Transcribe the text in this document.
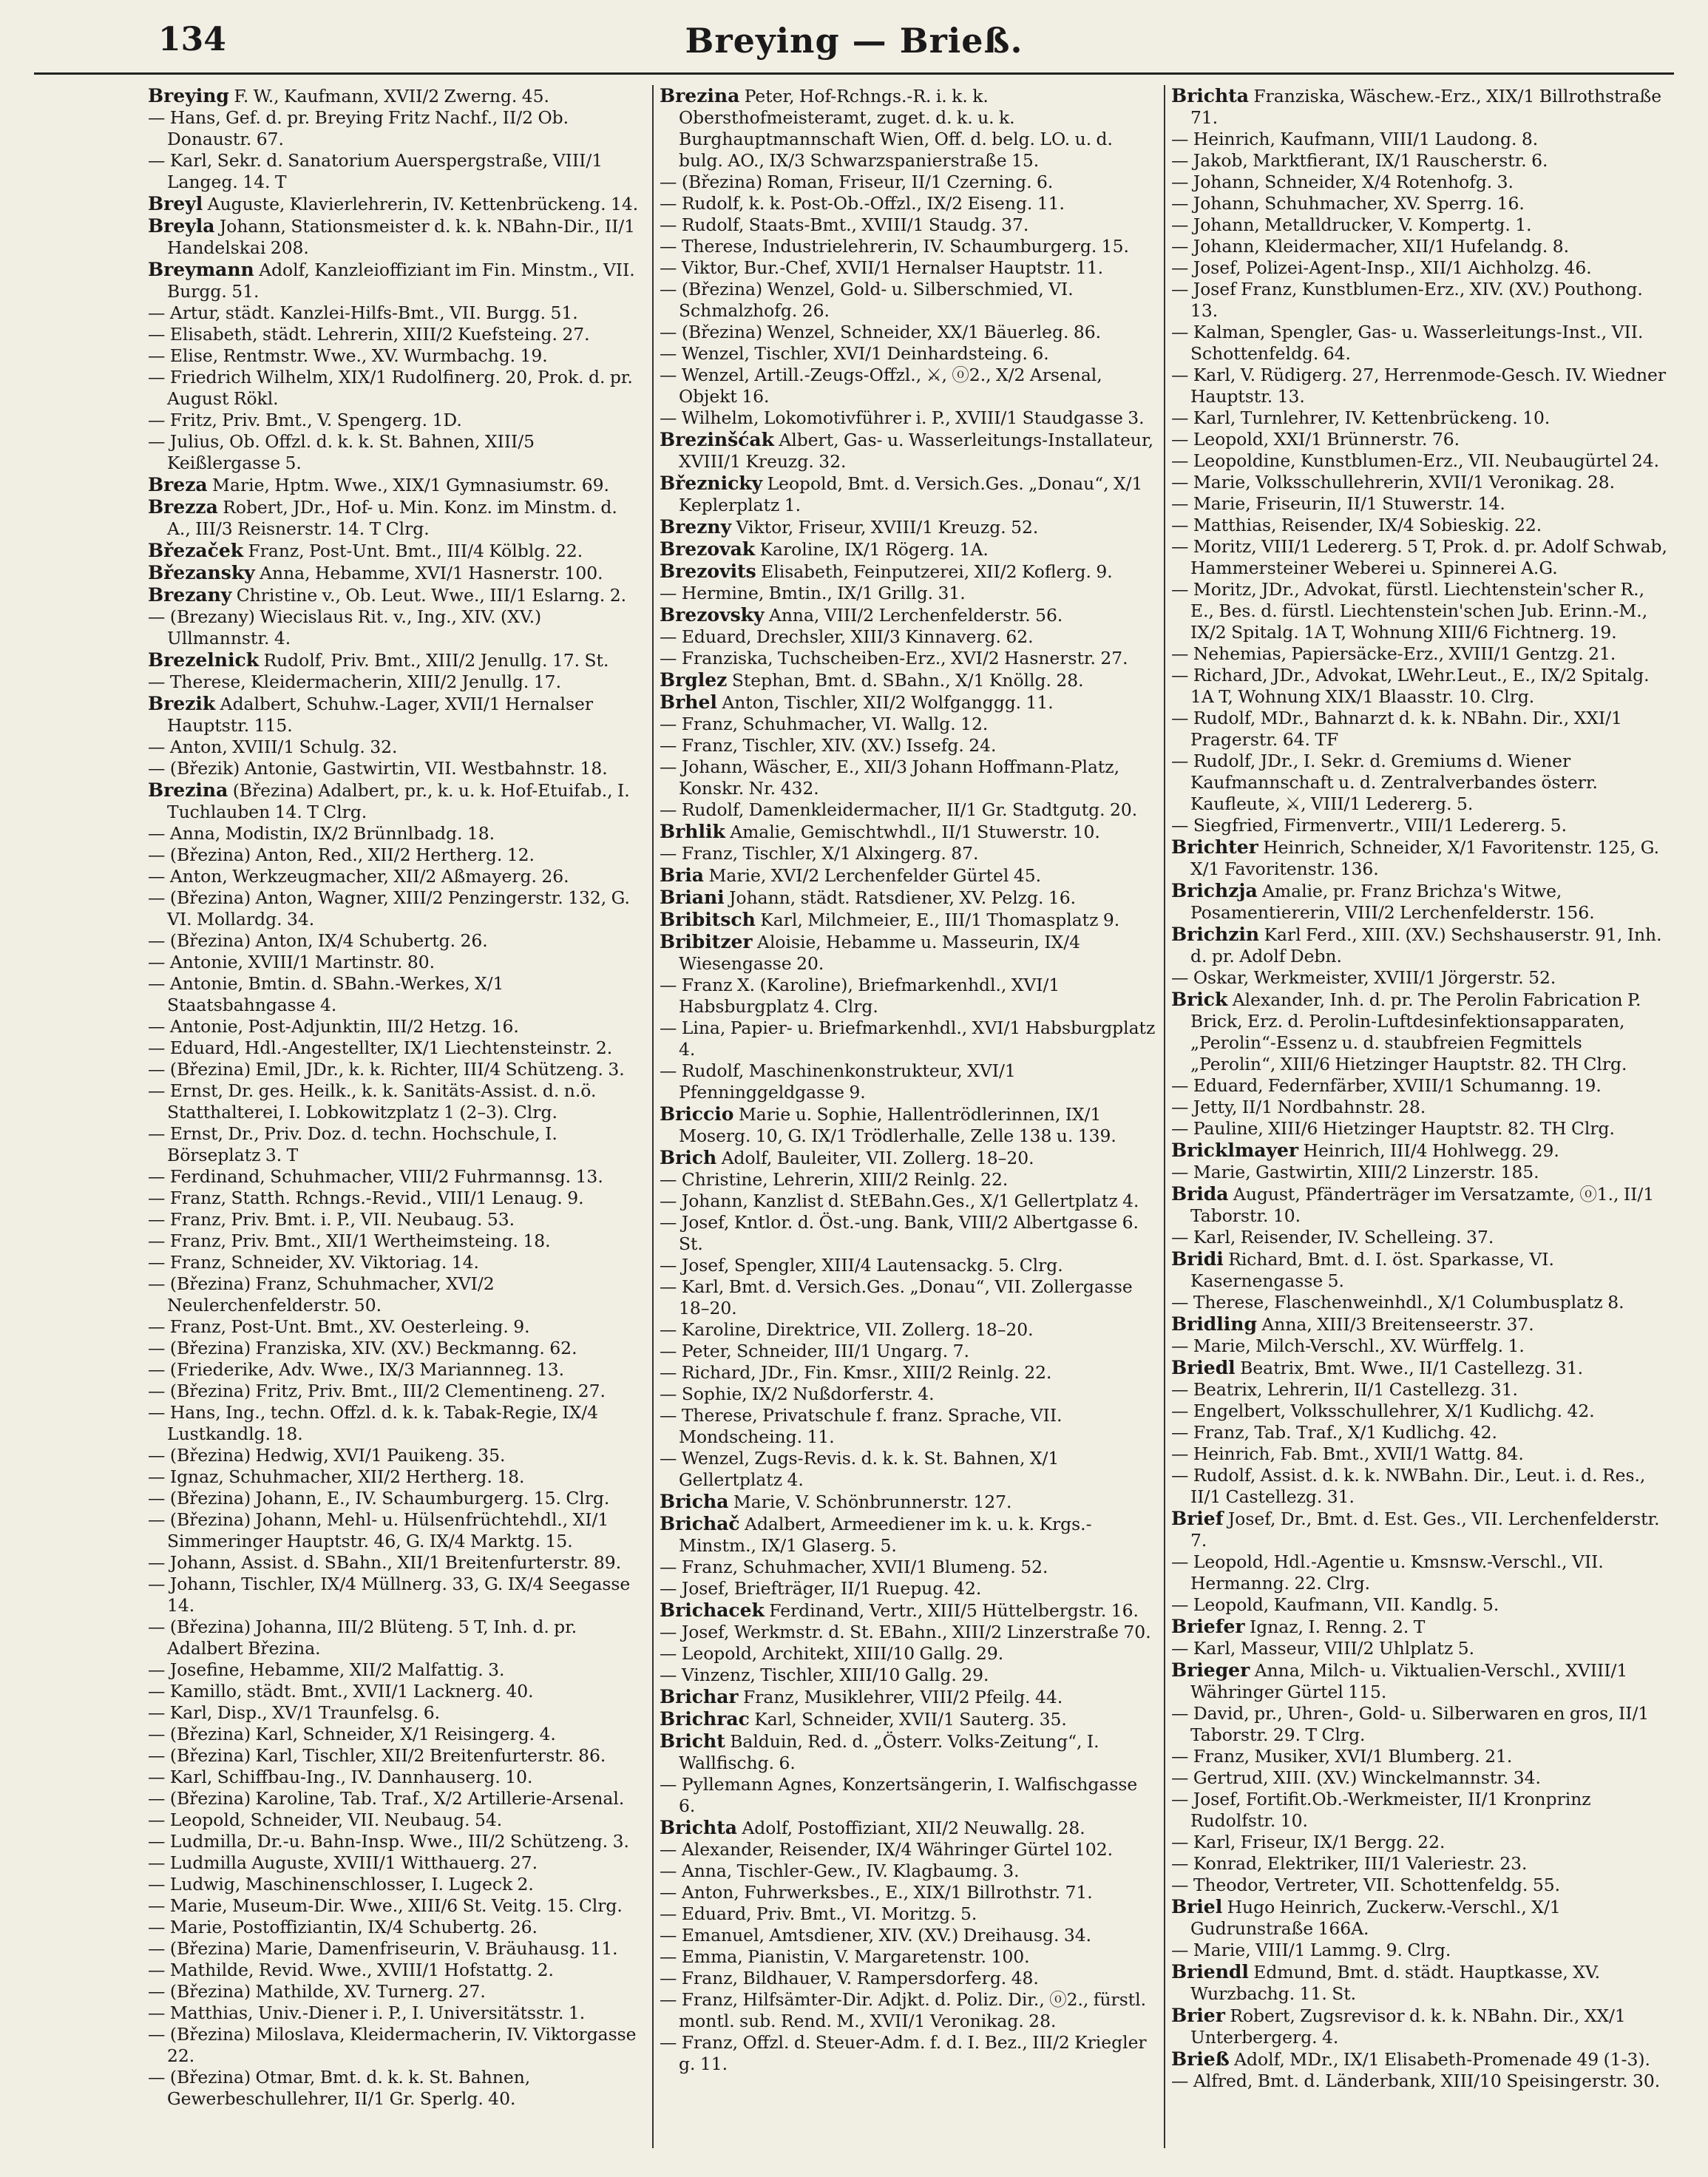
134	Breying — Brieß.

Breying F. W., Kaufmann, XVII/2 Zwerng. 45.

— Hans, Gef. d. pr. Breying Fritz Nachf., II/2 Ob. Donaustr. 67.

— Karl, Sekr. d. Sanatorium Auerspergstraße, VIII/1 Langeg. 14. T

Breyl Auguste, Klavierlehrerin, IV. Kettenbrückeng. 14.

Breyla Johann, Stationsmeister d. k. k. NBahn-Dir., II/1 Handelskai 208.

Breymann Adolf, Kanzleioffiziant im Fin. Minstm., VII. Burgg. 51.

— Artur, städt. Kanzlei-Hilfs-Bmt., VII. Burgg. 51.

— Elisabeth, städt. Lehrerin, XIII/2 Kuefsteing. 27.

— Elise, Rentmstr. Wwe., XV. Wurmbachg. 19.

— Friedrich Wilhelm, XIX/1 Rudolfinerg. 20, Prok. d. pr. August Rökl.

— Fritz, Priv. Bmt., V. Spengerg. 1D.

— Julius, Ob. Offzl. d. k. k. St. Bahnen, XIII/5 Keißlergasse 5.

Breza Marie, Hptm. Wwe., XIX/1 Gymnasiumstr. 69.

Brezza Robert, JDr., Hof- u. Min. Konz. im Minstm. d. A., III/3 Reisnerstr. 14. T Clrg.

Březaček Franz, Post-Unt. Bmt., III/4 Kölblg. 22.

Březansky Anna, Hebamme, XVI/1 Hasnerstr. 100.

Brezany Christine v., Ob. Leut. Wwe., III/1 Eslarng. 2.

— (Brezany) Wiecislaus Rit. v., Ing., XIV. (XV.) Ullmannstr. 4.

Brezelnick Rudolf, Priv. Bmt., XIII/2 Jenullg. 17. St.

— Therese, Kleidermacherin, XIII/2 Jenullg. 17.

Brezik Adalbert, Schuhw.-Lager, XVII/1 Hernalser Hauptstr. 115.

— Anton, XVIII/1 Schulg. 32.

— (Březik) Antonie, Gastwirtin, VII. Westbahnstr. 18.

Brezina (Březina) Adalbert, pr., k. u. k. Hof-Etuifab., I. Tuchlauben 14. T Clrg.

— Anna, Modistin, IX/2 Brünnlbadg. 18.

— (Březina) Anton, Red., XII/2 Hertherg. 12.

— Anton, Werkzeugmacher, XII/2 Aßmayerg. 26.

— (Březina) Anton, Wagner, XIII/2 Penzingerstr. 132, G. VI. Mollardg. 34.

— (Březina) Anton, IX/4 Schubertg. 26.

— Antonie, XVIII/1 Martinstr. 80.

— Antonie, Bmtin. d. SBahn.-Werkes, X/1 Staatsbahngasse 4.

— Antonie, Post-Adjunktin, III/2 Hetzg. 16.

— Eduard, Hdl.-Angestellter, IX/1 Liechtensteinstr. 2.

— (Březina) Emil, JDr., k. k. Richter, III/4 Schützeng. 3.

— Ernst, Dr. ges. Heilk., k. k. Sanitäts-Assist. d. n.ö. Statthalterei, I. Lobkowitzplatz 1 (2–3). Clrg.

— Ernst, Dr., Priv. Doz. d. techn. Hochschule, I. Börseplatz 3. T

— Ferdinand, Schuhmacher, VIII/2 Fuhrmannsg. 13.

— Franz, Statth. Rchngs.-Revid., VIII/1 Lenaug. 9.

— Franz, Priv. Bmt. i. P., VII. Neubaug. 53.

— Franz, Priv. Bmt., XII/1 Wertheimsteing. 18.

— Franz, Schneider, XV. Viktoriag. 14.

— (Březina) Franz, Schuhmacher, XVI/2 Neulerchenfelderstr. 50.

— Franz, Post-Unt. Bmt., XV. Oesterleing. 9.

— (Březina) Franziska, XIV. (XV.) Beckmanng. 62.

— (Friederike, Adv. Wwe., IX/3 Mariannneg. 13.

— (Březina) Fritz, Priv. Bmt., III/2 Clementineng. 27.

— Hans, Ing., techn. Offzl. d. k. k. Tabak-Regie, IX/4 Lustkandlg. 18.

— (Březina) Hedwig, XVI/1 Pauikeng. 35.

— Ignaz, Schuhmacher, XII/2 Hertherg. 18.

— (Březina) Johann, E., IV. Schaumburgerg. 15. Clrg.

— (Březina) Johann, Mehl- u. Hülsenfrüchtehdl., XI/1 Simmeringer Hauptstr. 46, G. IX/4 Marktg. 15.

— Johann, Assist. d. SBahn., XII/1 Breitenfurterstr. 89.

— Johann, Tischler, IX/4 Müllnerg. 33, G. IX/4 Seegasse 14.

— (Březina) Johanna, III/2 Blüteng. 5 T, Inh. d. pr. Adalbert Březina.

— Josefine, Hebamme, XII/2 Malfattig. 3.

— Kamillo, städt. Bmt., XVII/1 Lacknerg. 40.

— Karl, Disp., XV/1 Traunfelsg. 6.

— (Březina) Karl, Schneider, X/1 Reisingerg. 4.

— (Březina) Karl, Tischler, XII/2 Breitenfurterstr. 86.

— Karl, Schiffbau-Ing., IV. Dannhauserg. 10.

— (Březina) Karoline, Tab. Traf., X/2 Artillerie-Arsenal.

— Leopold, Schneider, VII. Neubaug. 54.

— Ludmilla, Dr.-u. Bahn-Insp. Wwe., III/2 Schützeng. 3.

— Ludmilla Auguste, XVIII/1 Witthauerg. 27.

— Ludwig, Maschinenschlosser, I. Lugeck 2.

— Marie, Museum-Dir. Wwe., XIII/6 St. Veitg. 15. Clrg.

— Marie, Postoffiziantin, IX/4 Schubertg. 26.

— (Březina) Marie, Damenfriseurin, V. Bräuhausg. 11.

— Mathilde, Revid. Wwe., XVIII/1 Hofstattg. 2.

— (Březina) Mathilde, XV. Turnerg. 27.

— Matthias, Univ.-Diener i. P., I. Universitätsstr. 1.

— (Březina) Miloslava, Kleidermacherin, IV. Viktorgasse 22.

— (Březina) Otmar, Bmt. d. k. k. St. Bahnen, Gewerbeschullehrer, II/1 Gr. Sperlg. 40.

Brezina Peter, Hof-Rchngs.-R. i. k. k. Obersthofmeisteramt, zuget. d. k. u. k. Burghauptmannschaft Wien, Off. d. belg. LO. u. d. bulg. AO., IX/3 Schwarzspanierstraße 15.

— (Březina) Roman, Friseur, II/1 Czerning. 6.

— Rudolf, k. k. Post-Ob.-Offzl., IX/2 Eiseng. 11.

— Rudolf, Staats-Bmt., XVIII/1 Staudg. 37.

— Therese, Industrielehrerin, IV. Schaumburgerg. 15.

— Viktor, Bur.-Chef, XVII/1 Hernalser Hauptstr. 11.

— (Březina) Wenzel, Gold- u. Silberschmied, VI. Schmalzhofg. 26.

— (Březina) Wenzel, Schneider, XX/1 Bäuerleg. 86.

— Wenzel, Tischler, XVI/1 Deinhardsteing. 6.

— Wenzel, Artill.-Zeugs-Offzl., ⚔, ⓞ2., X/2 Arsenal, Objekt 16.

— Wilhelm, Lokomotivführer i. P., XVIII/1 Staudgasse 3.

Brezinšćak Albert, Gas- u. Wasserleitungs-Installateur, XVIII/1 Kreuzg. 32.

Březnicky Leopold, Bmt. d. Versich.Ges. „Donau“, X/1 Keplerplatz 1.

Brezny Viktor, Friseur, XVIII/1 Kreuzg. 52.

Brezovak Karoline, IX/1 Rögerg. 1A.

Brezovits Elisabeth, Feinputzerei, XII/2 Koflerg. 9.

— Hermine, Bmtin., IX/1 Grillg. 31.

Brezovsky Anna, VIII/2 Lerchenfelderstr. 56.

— Eduard, Drechsler, XIII/3 Kinnaverg. 62.

— Franziska, Tuchscheiben-Erz., XVI/2 Hasnerstr. 27.

Brglez Stephan, Bmt. d. SBahn., X/1 Knöllg. 28.

Brhel Anton, Tischler, XII/2 Wolfganggg. 11.

— Franz, Schuhmacher, VI. Wallg. 12.

— Franz, Tischler, XIV. (XV.) Issefg. 24.

— Johann, Wäscher, E., XII/3 Johann Hoffmann-Platz, Konskr. Nr. 432.

— Rudolf, Damenkleidermacher, II/1 Gr. Stadtgutg. 20.

Brhlik Amalie, Gemischtwhdl., II/1 Stuwerstr. 10.

— Franz, Tischler, X/1 Alxingerg. 87.

Bria Marie, XVI/2 Lerchenfelder Gürtel 45.

Briani Johann, städt. Ratsdiener, XV. Pelzg. 16.

Bribitsch Karl, Milchmeier, E., III/1 Thomasplatz 9.

Bribitzer Aloisie, Hebamme u. Masseurin, IX/4 Wiesengasse 20.

— Franz X. (Karoline), Briefmarkenhdl., XVI/1 Habsburgplatz 4. Clrg.

— Lina, Papier- u. Briefmarkenhdl., XVI/1 Habsburgplatz 4.

— Rudolf, Maschinenkonstrukteur, XVI/1 Pfenninggeldgasse 9.

Briccio Marie u. Sophie, Hallentrödlerinnen, IX/1 Moserg. 10, G. IX/1 Trödlerhalle, Zelle 138 u. 139.

Brich Adolf, Bauleiter, VII. Zollerg. 18–20.

— Christine, Lehrerin, XIII/2 Reinlg. 22.

— Johann, Kanzlist d. StEBahn.Ges., X/1 Gellertplatz 4.

— Josef, Kntlor. d. Öst.-ung. Bank, VIII/2 Albertgasse 6. St.

— Josef, Spengler, XIII/4 Lautensackg. 5. Clrg.

— Karl, Bmt. d. Versich.Ges. „Donau“, VII. Zollergasse 18–20.

— Karoline, Direktrice, VII. Zollerg. 18–20.

— Peter, Schneider, III/1 Ungarg. 7.

— Richard, JDr., Fin. Kmsr., XIII/2 Reinlg. 22.

— Sophie, IX/2 Nußdorferstr. 4.

— Therese, Privatschule f. franz. Sprache, VII. Mondscheing. 11.

— Wenzel, Zugs-Revis. d. k. k. St. Bahnen, X/1 Gellertplatz 4.

Bricha Marie, V. Schönbrunnerstr. 127.

Brichač Adalbert, Armeediener im k. u. k. Krgs.-Minstm., IX/1 Glaserg. 5.

— Franz, Schuhmacher, XVII/1 Blumeng. 52.

— Josef, Briefträger, II/1 Ruepug. 42.

Brichacek Ferdinand, Vertr., XIII/5 Hüttelbergstr. 16.

— Josef, Werkmstr. d. St. EBahn., XIII/2 Linzerstraße 70.

— Leopold, Architekt, XIII/10 Gallg. 29.

— Vinzenz, Tischler, XIII/10 Gallg. 29.

Brichar Franz, Musiklehrer, VIII/2 Pfeilg. 44.

Brichrac Karl, Schneider, XVII/1 Sauterg. 35.

Bricht Balduin, Red. d. „Österr. Volks-Zeitung“, I. Wallfischg. 6.

— Pyllemann Agnes, Konzertsängerin, I. Walfischgasse 6.

Brichta Adolf, Postoffiziant, XII/2 Neuwallg. 28.

— Alexander, Reisender, IX/4 Währinger Gürtel 102.

— Anna, Tischler-Gew., IV. Klagbaumg. 3.

— Anton, Fuhrwerksbes., E., XIX/1 Billrothstr. 71.

— Eduard, Priv. Bmt., VI. Moritzg. 5.

— Emanuel, Amtsdiener, XIV. (XV.) Dreihausg. 34.

— Emma, Pianistin, V. Margaretenstr. 100.

— Franz, Bildhauer, V. Rampersdorferg. 48.

— Franz, Hilfsämter-Dir. Adjkt. d. Poliz. Dir., ⓞ2., fürstl. montl. sub. Rend. M., XVII/1 Veronikag. 28.

— Franz, Offzl. d. Steuer-Adm. f. d. I. Bez., III/2 Kriegler g. 11.

Brichta Franziska, Wäschew.-Erz., XIX/1 Billrothstraße 71.

— Heinrich, Kaufmann, VIII/1 Laudong. 8.

— Jakob, Marktfierant, IX/1 Rauscherstr. 6.

— Johann, Schneider, X/4 Rotenhofg. 3.

— Johann, Schuhmacher, XV. Sperrg. 16.

— Johann, Metalldrucker, V. Kompertg. 1.

— Johann, Kleidermacher, XII/1 Hufelandg. 8.

— Josef, Polizei-Agent-Insp., XII/1 Aichholzg. 46.

— Josef Franz, Kunstblumen-Erz., XIV. (XV.) Pouthong. 13.

— Kalman, Spengler, Gas- u. Wasserleitungs-Inst., VII. Schottenfeldg. 64.

— Karl, V. Rüdigerg. 27, Herrenmode-Gesch. IV. Wiedner Hauptstr. 13.

— Karl, Turnlehrer, IV. Kettenbrückeng. 10.

— Leopold, XXI/1 Brünnerstr. 76.

— Leopoldine, Kunstblumen-Erz., VII. Neubaugürtel 24.

— Marie, Volksschullehrerin, XVII/1 Veronikag. 28.

— Marie, Friseurin, II/1 Stuwerstr. 14.

— Matthias, Reisender, IX/4 Sobieskig. 22.

— Moritz, VIII/1 Ledererg. 5 T, Prok. d. pr. Adolf Schwab, Hammersteiner Weberei u. Spinnerei A.G.

— Moritz, JDr., Advokat, fürstl. Liechtenstein'scher R., E., Bes. d. fürstl. Liechtenstein'schen Jub. Erinn.-M., IX/2 Spitalg. 1A T, Wohnung XIII/6 Fichtnerg. 19.

— Nehemias, Papiersäcke-Erz., XVIII/1 Gentzg. 21.

— Richard, JDr., Advokat, LWehr.Leut., E., IX/2 Spitalg. 1A T, Wohnung XIX/1 Blaasstr. 10. Clrg.

— Rudolf, MDr., Bahnarzt d. k. k. NBahn. Dir., XXI/1 Pragerstr. 64. TF

— Rudolf, JDr., I. Sekr. d. Gremiums d. Wiener Kaufmannschaft u. d. Zentralverbandes österr. Kaufleute, ⚔, VIII/1 Ledererg. 5.

— Siegfried, Firmenvertr., VIII/1 Ledererg. 5.

Brichter Heinrich, Schneider, X/1 Favoritenstr. 125, G. X/1 Favoritenstr. 136.

Brichzja Amalie, pr. Franz Brichza's Witwe, Posamentiererin, VIII/2 Lerchenfelderstr. 156.

Brichzin Karl Ferd., XIII. (XV.) Sechshauserstr. 91, Inh. d. pr. Adolf Debn.

— Oskar, Werkmeister, XVIII/1 Jörgerstr. 52.

Brick Alexander, Inh. d. pr. The Perolin Fabrication P. Brick, Erz. d. Perolin-Luftdesinfektionsapparaten, „Perolin“-Essenz u. d. staubfreien Fegmittels „Perolin“, XIII/6 Hietzinger Hauptstr. 82. TH Clrg.

— Eduard, Federnfärber, XVIII/1 Schumanng. 19.

— Jetty, II/1 Nordbahnstr. 28.

— Pauline, XIII/6 Hietzinger Hauptstr. 82. TH Clrg.

Bricklmayer Heinrich, III/4 Hohlwegg. 29.

— Marie, Gastwirtin, XIII/2 Linzerstr. 185.

Brida August, Pfänderträger im Versatzamte, ⓞ1., II/1 Taborstr. 10.

— Karl, Reisender, IV. Schelleing. 37.

Bridi Richard, Bmt. d. I. öst. Sparkasse, VI. Kasernengasse 5.

— Therese, Flaschenweinhdl., X/1 Columbusplatz 8.

Bridling Anna, XIII/3 Breitenseerstr. 37.

— Marie, Milch-Verschl., XV. Würffelg. 1.

Briedl Beatrix, Bmt. Wwe., II/1 Castellezg. 31.

— Beatrix, Lehrerin, II/1 Castellezg. 31.

— Engelbert, Volksschullehrer, X/1 Kudlichg. 42.

— Franz, Tab. Traf., X/1 Kudlichg. 42.

— Heinrich, Fab. Bmt., XVII/1 Wattg. 84.

— Rudolf, Assist. d. k. k. NWBahn. Dir., Leut. i. d. Res., II/1 Castellezg. 31.

Brief Josef, Dr., Bmt. d. Est. Ges., VII. Lerchenfelderstr. 7.

— Leopold, Hdl.-Agentie u. Kmsnsw.-Verschl., VII. Hermanng. 22. Clrg.

— Leopold, Kaufmann, VII. Kandlg. 5.

Briefer Ignaz, I. Renng. 2. T

— Karl, Masseur, VIII/2 Uhlplatz 5.

Brieger Anna, Milch- u. Viktualien-Verschl., XVIII/1 Währinger Gürtel 115.

— David, pr., Uhren-, Gold- u. Silberwaren en gros, II/1 Taborstr. 29. T Clrg.

— Franz, Musiker, XVI/1 Blumberg. 21.

— Gertrud, XIII. (XV.) Winckelmannstr. 34.

— Josef, Fortifit.Ob.-Werkmeister, II/1 Kronprinz Rudolfstr. 10.

— Karl, Friseur, IX/1 Bergg. 22.

— Konrad, Elektriker, III/1 Valeriestr. 23.

— Theodor, Vertreter, VII. Schottenfeldg. 55.

Briel Hugo Heinrich, Zuckerw.-Verschl., X/1 Gudrunstraße 166A.

— Marie, VIII/1 Lammg. 9. Clrg.

Briendl Edmund, Bmt. d. städt. Hauptkasse, XV. Wurzbachg. 11. St.

Brier Robert, Zugsrevisor d. k. k. NBahn. Dir., XX/1 Unterbergerg. 4.

Brieß Adolf, MDr., IX/1 Elisabeth-Promenade 49 (1-3).

— Alfred, Bmt. d. Länderbank, XIII/10 Speisingerstr. 30.
